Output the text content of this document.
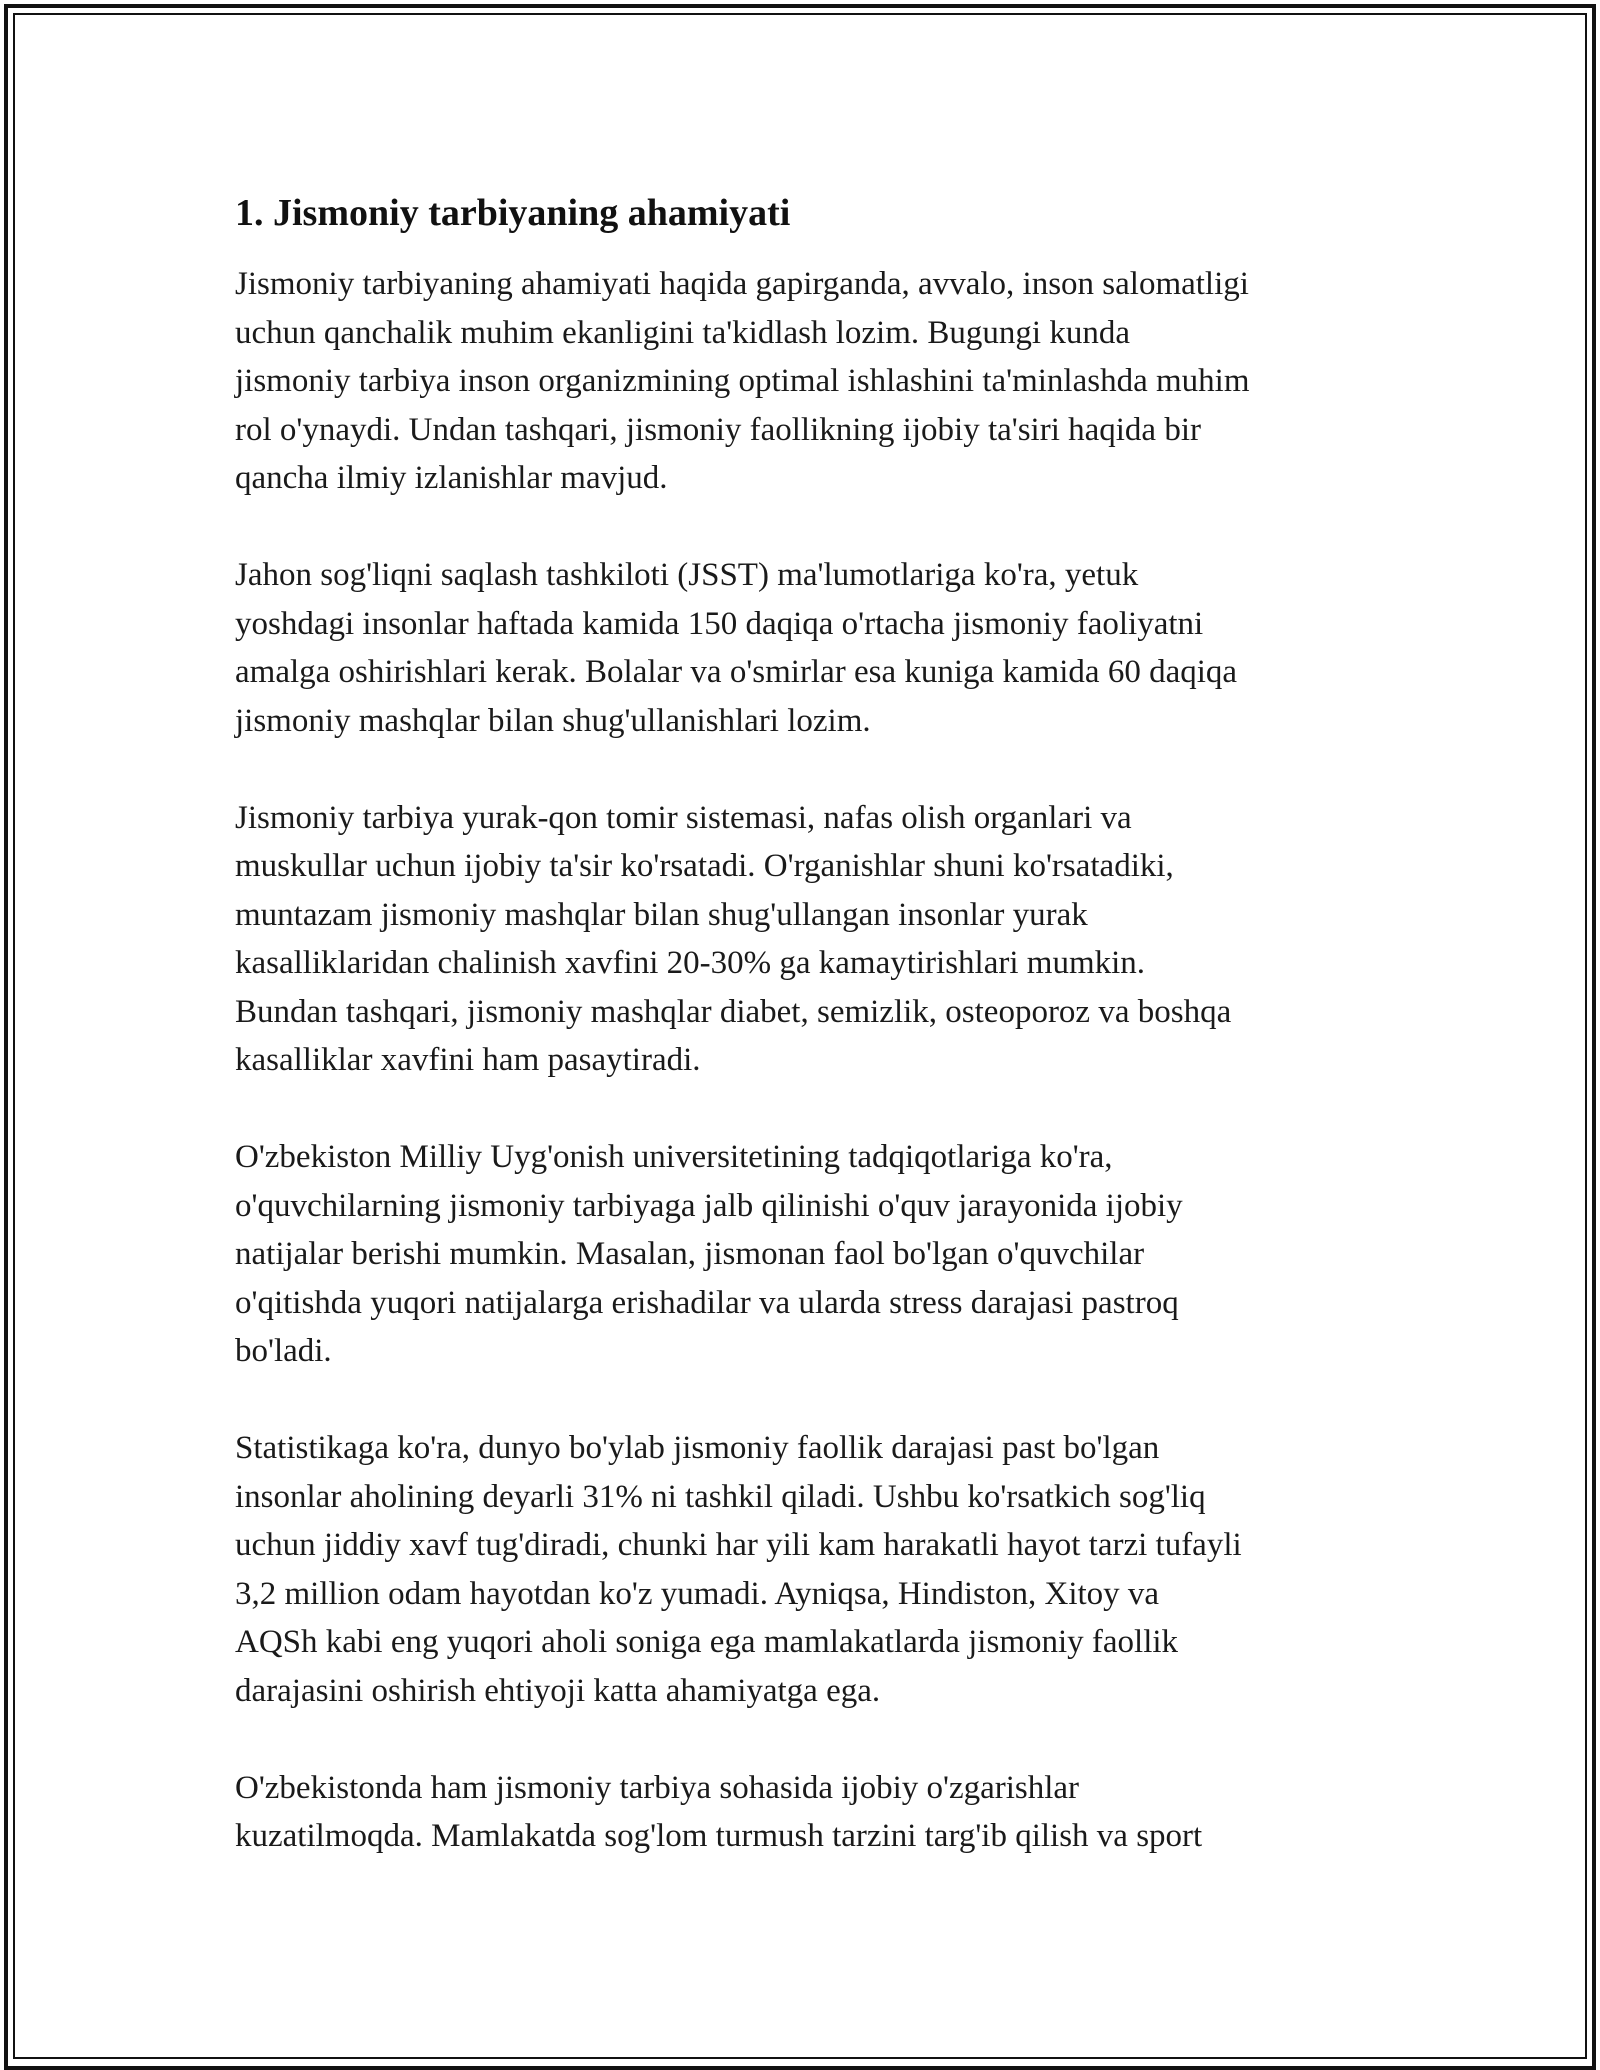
1. Jismoniy tarbiyaning ahamiyati

Jismoniy tarbiyaning ahamiyati haqida gapirganda, avvalo, inson salomatligi
uchun qanchalik muhim ekanligini ta'kidlash lozim. Bugungi kunda
jismoniy tarbiya inson organizmining optimal ishlashini ta'minlashda muhim
rol o'ynaydi. Undan tashqari, jismoniy faollikning ijobiy ta'siri haqida bir
qancha ilmiy izlanishlar mavjud.

Jahon sog'liqni saqlash tashkiloti (JSST) ma'lumotlariga ko'ra, yetuk
yoshdagi insonlar haftada kamida 150 daqiqa o'rtacha jismoniy faoliyatni
amalga oshirishlari kerak. Bolalar va o'smirlar esa kuniga kamida 60 daqiqa
jismoniy mashqlar bilan shug'ullanishlari lozim.

Jismoniy tarbiya yurak-qon tomir sistemasi, nafas olish organlari va
muskullar uchun ijobiy ta'sir ko'rsatadi. O'rganishlar shuni ko'rsatadiki,
muntazam jismoniy mashqlar bilan shug'ullangan insonlar yurak
kasalliklaridan chalinish xavfini 20-30% ga kamaytirishlari mumkin.
Bundan tashqari, jismoniy mashqlar diabet, semizlik, osteoporoz va boshqa
kasalliklar xavfini ham pasaytiradi.

O'zbekiston Milliy Uyg'onish universitetining tadqiqotlariga ko'ra,
o'quvchilarning jismoniy tarbiyaga jalb qilinishi o'quv jarayonida ijobiy
natijalar berishi mumkin. Masalan, jismonan faol bo'lgan o'quvchilar
o'qitishda yuqori natijalarga erishadilar va ularda stress darajasi pastroq
bo'ladi.

Statistikaga ko'ra, dunyo bo'ylab jismoniy faollik darajasi past bo'lgan
insonlar aholining deyarli 31% ni tashkil qiladi. Ushbu ko'rsatkich sog'liq
uchun jiddiy xavf tug'diradi, chunki har yili kam harakatli hayot tarzi tufayli
3,2 million odam hayotdan ko'z yumadi. Ayniqsa, Hindiston, Xitoy va
AQSh kabi eng yuqori aholi soniga ega mamlakatlarda jismoniy faollik
darajasini oshirish ehtiyoji katta ahamiyatga ega.

O'zbekistonda ham jismoniy tarbiya sohasida ijobiy o'zgarishlar
kuzatilmoqda. Mamlakatda sog'lom turmush tarzini targ'ib qilish va sport
